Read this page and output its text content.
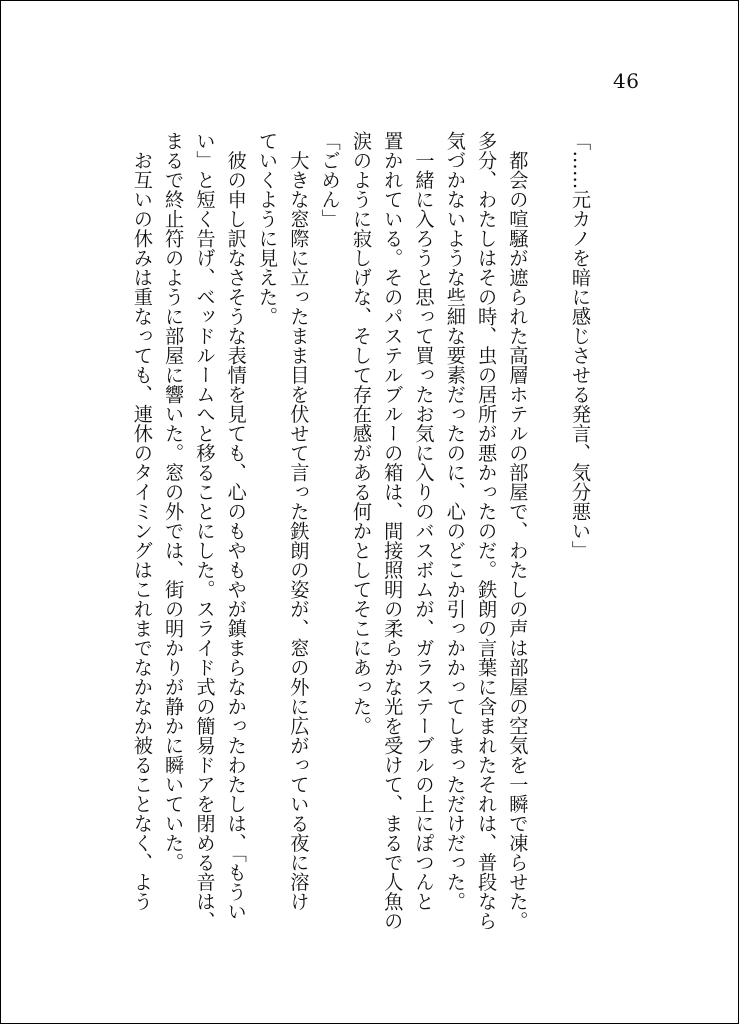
46
「……元カノを暗に感じさせる発言、気分悪い」

　都会の喧騒が遮られた高層ホテルの部屋で、わたしの声は部屋の空気を一瞬で凍らせた。
多分、わたしはその時、虫の居所が悪かったのだ。鉄朗の言葉に含まれたそれは、普段なら
気づかないような些細な要素だったのに、心のどこか引っかかってしまっただけだった。
　一緒に入ろうと思って買ったお気に入りのバスボムが、ガラステーブルの上にぽつんと
置かれている。そのパステルブルーの箱は、間接照明の柔らかな光を受けて、まるで人魚の
涙のように寂しげな、そして存在感がある何かとしてそこにあった。
「ごめん」
　大きな窓際に立ったまま目を伏せて言った鉄朗の姿が、窓の外に広がっている夜に溶け
ていくように見えた。
　彼の申し訳なさそうな表情を見ても、心のもやもやが鎮まらなかったわたしは、「もうい
い」と短く告げ、ベッドルームへと移ることにした。スライド式の簡易ドアを閉める音は、
まるで終止符のように部屋に響いた。窓の外では、街の明かりが静かに瞬いていた。
　お互いの休みは重なっても、連休のタイミングはこれまでなかなか被ることなく、よう
